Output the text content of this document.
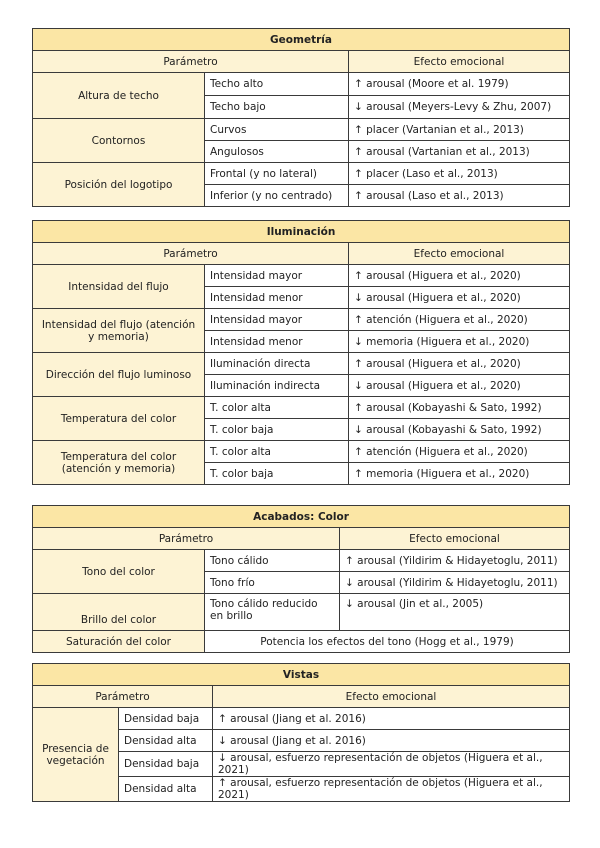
Geometría		
Parámetro		Efecto emocional
Altura de techo	Techo alto	↑ arousal (Moore et al. 1979)
	Techo bajo	↓ arousal (Meyers-Levy & Zhu, 2007)
Contornos	Curvos	↑ placer (Vartanian et al., 2013)
	Angulosos	↑ arousal (Vartanian et al., 2013)
Posición del logotipo	Frontal (y no lateral)	↑ placer (Laso et al., 2013)
	Inferior (y no centrado)	↑ arousal (Laso et al., 2013)
Iluminación		
Parámetro		Efecto emocional
Intensidad del flujo	Intensidad mayor	↑ arousal (Higuera et al., 2020)
	Intensidad menor	↓ arousal (Higuera et al., 2020)
Intensidad del flujo (atención y memoria)	Intensidad mayor	↑ atención (Higuera et al., 2020)
	Intensidad menor	↓ memoria (Higuera et al., 2020)
Dirección del flujo luminoso	Iluminación directa	↑ arousal (Higuera et al., 2020)
	Iluminación indirecta	↓ arousal (Higuera et al., 2020)
Temperatura del color	T. color alta	↑ arousal (Kobayashi & Sato, 1992)
	T. color baja	↓ arousal (Kobayashi & Sato, 1992)
Temperatura del color (atención y memoria)	T. color alta	↑ atención (Higuera et al., 2020)
	T. color baja	↑ memoria (Higuera et al., 2020)
Acabados: Color		
Parámetro		Efecto emocional
Tono del color	Tono cálido	↑ arousal (Yildirim & Hidayetoglu, 2011)
	Tono frío	↓ arousal (Yildirim & Hidayetoglu, 2011)
Brillo del color	Tono cálido reducido en brillo	↓ arousal (Jin et al., 2005)
Saturación del color	Potencia los efectos del tono (Hogg et al., 1979)	
Vistas		
Parámetro		Efecto emocional
Presencia de vegetación	Densidad baja	↑ arousal (Jiang et al. 2016)
	Densidad alta	↓ arousal (Jiang et al. 2016)
	Densidad baja	↓ arousal, esfuerzo representación de objetos (Higuera et al., 2021)
	Densidad alta	↑ arousal, esfuerzo representación de objetos (Higuera et al., 2021)
